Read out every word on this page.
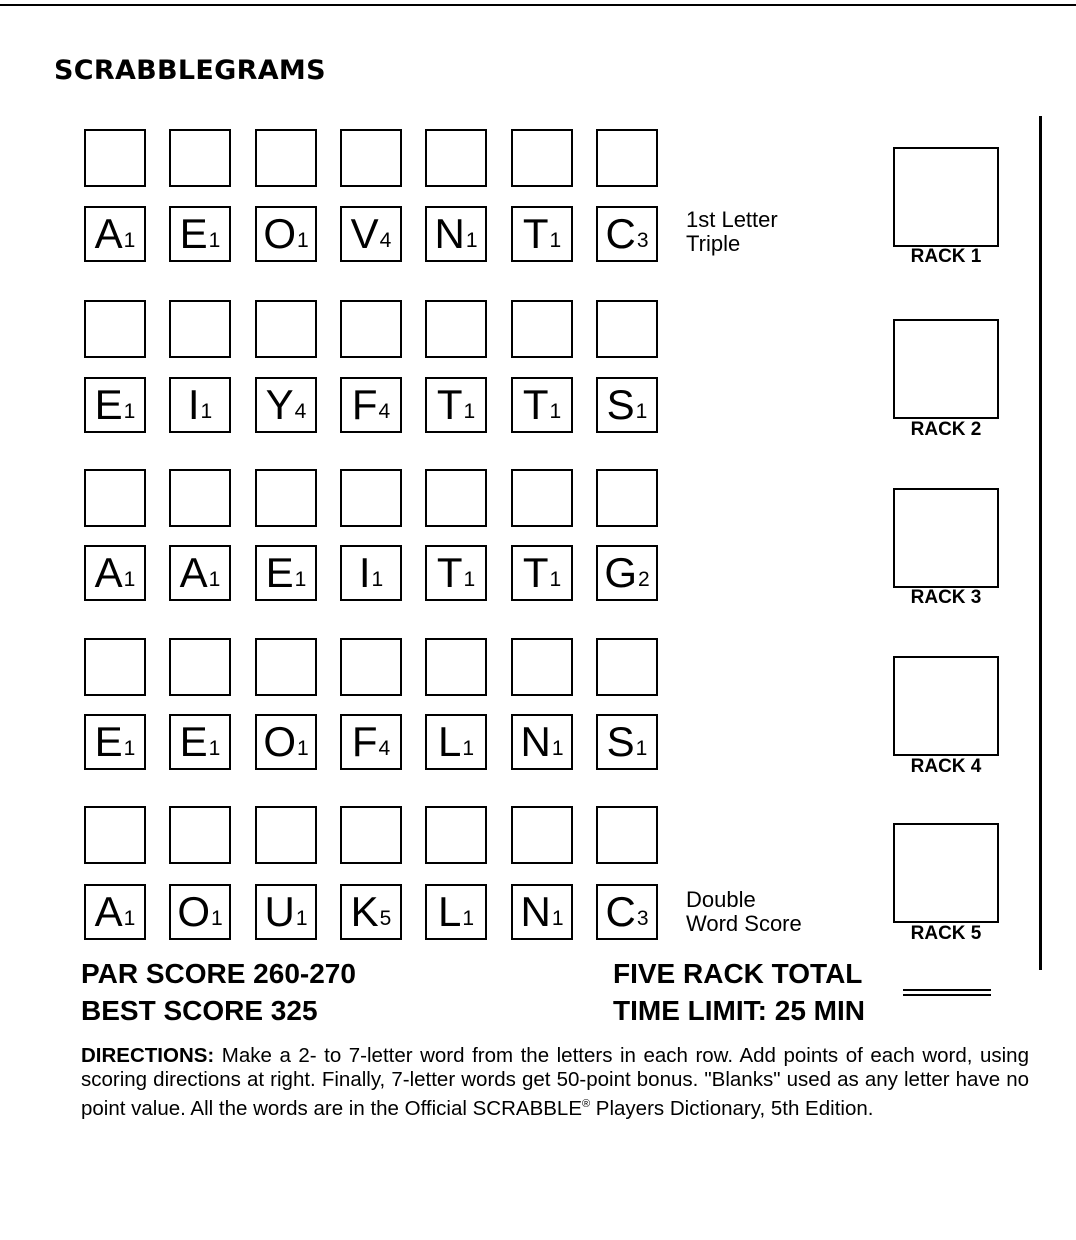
SCRABBLEGRAMS
A 1 E 1 O 1 V 4 N 1 T 1 C 3
1st Letter
Triple
RACK 1
E 1 I 1 Y 4 F 4 T 1 T 1 S 1
RACK 2
A 1 A 1 E 1 I 1 T 1 T 1 G 2
RACK 3
E 1 E 1 O 1 F 4 L 1 N 1 S 1
RACK 4
A 1 O 1 U 1 K 5 L 1 N 1 C 3
Double
Word Score	RACK 5
PAR SCORE 260-270
BEST SCORE 325
FIVE RACK TOTAL
TIME LIMIT: 25 MIN
DIRECTIONS: Make a 2- to 7-letter word from the letters in each row. Add points of each word, using scoring directions at right. Finally, 7-letter words get 50-point bonus. "Blanks" used as any letter have no point value. All the words are in the Official SCRABBLE® Players Dictionary, 5th Edition.
